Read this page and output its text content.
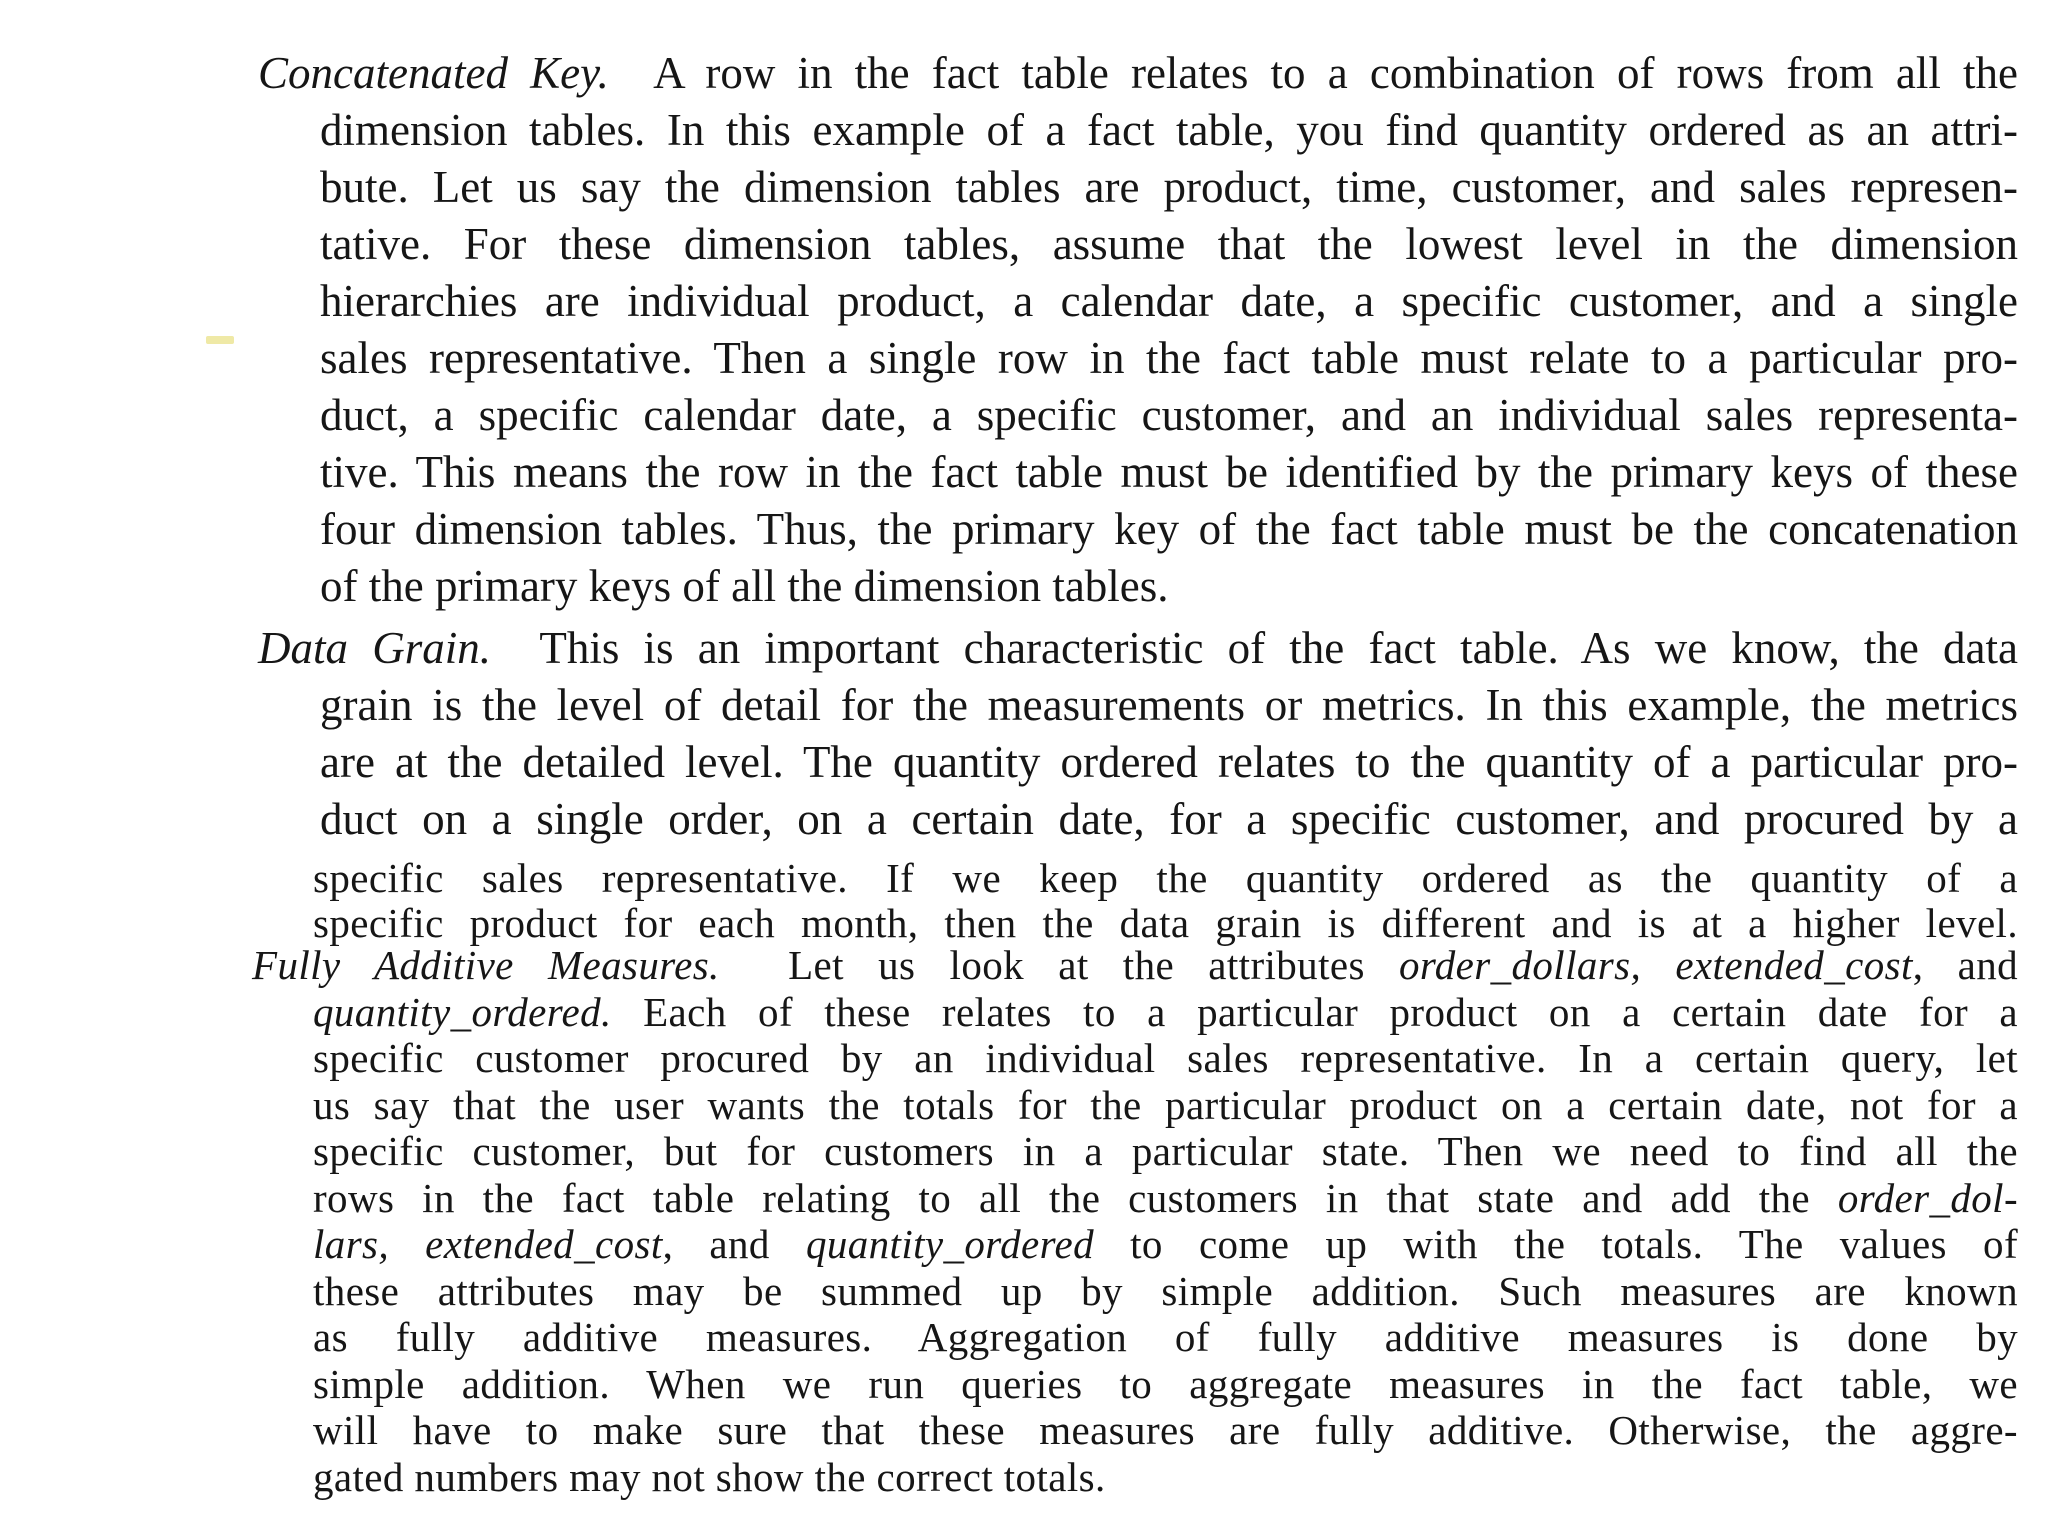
Concatenated Key. A row in the fact table relates to a combination of rows from all the
dimension tables. In this example of a fact table, you find quantity ordered as an attri-
bute. Let us say the dimension tables are product, time, customer, and sales represen-
tative. For these dimension tables, assume that the lowest level in the dimension
hierarchies are individual product, a calendar date, a specific customer, and a single
sales representative. Then a single row in the fact table must relate to a particular pro-
duct, a specific calendar date, a specific customer, and an individual sales representa-
tive. This means the row in the fact table must be identified by the primary keys of these
four dimension tables. Thus, the primary key of the fact table must be the concatenation
of the primary keys of all the dimension tables.
Data Grain. This is an important characteristic of the fact table. As we know, the data
grain is the level of detail for the measurements or metrics. In this example, the metrics
are at the detailed level. The quantity ordered relates to the quantity of a particular pro-
duct on a single order, on a certain date, for a specific customer, and procured by a
specific sales representative. If we keep the quantity ordered as the quantity of a
specific product for each month, then the data grain is different and is at a higher level.
Fully Additive Measures. Let us look at the attributes order_dollars, extended_cost, and
quantity_ordered. Each of these relates to a particular product on a certain date for a
specific customer procured by an individual sales representative. In a certain query, let
us say that the user wants the totals for the particular product on a certain date, not for a
specific customer, but for customers in a particular state. Then we need to find all the
rows in the fact table relating to all the customers in that state and add the order_dol-
lars, extended_cost, and quantity_ordered to come up with the totals. The values of
these attributes may be summed up by simple addition. Such measures are known
as fully additive measures. Aggregation of fully additive measures is done by
simple addition. When we run queries to aggregate measures in the fact table, we
will have to make sure that these measures are fully additive. Otherwise, the aggre-
gated numbers may not show the correct totals.
